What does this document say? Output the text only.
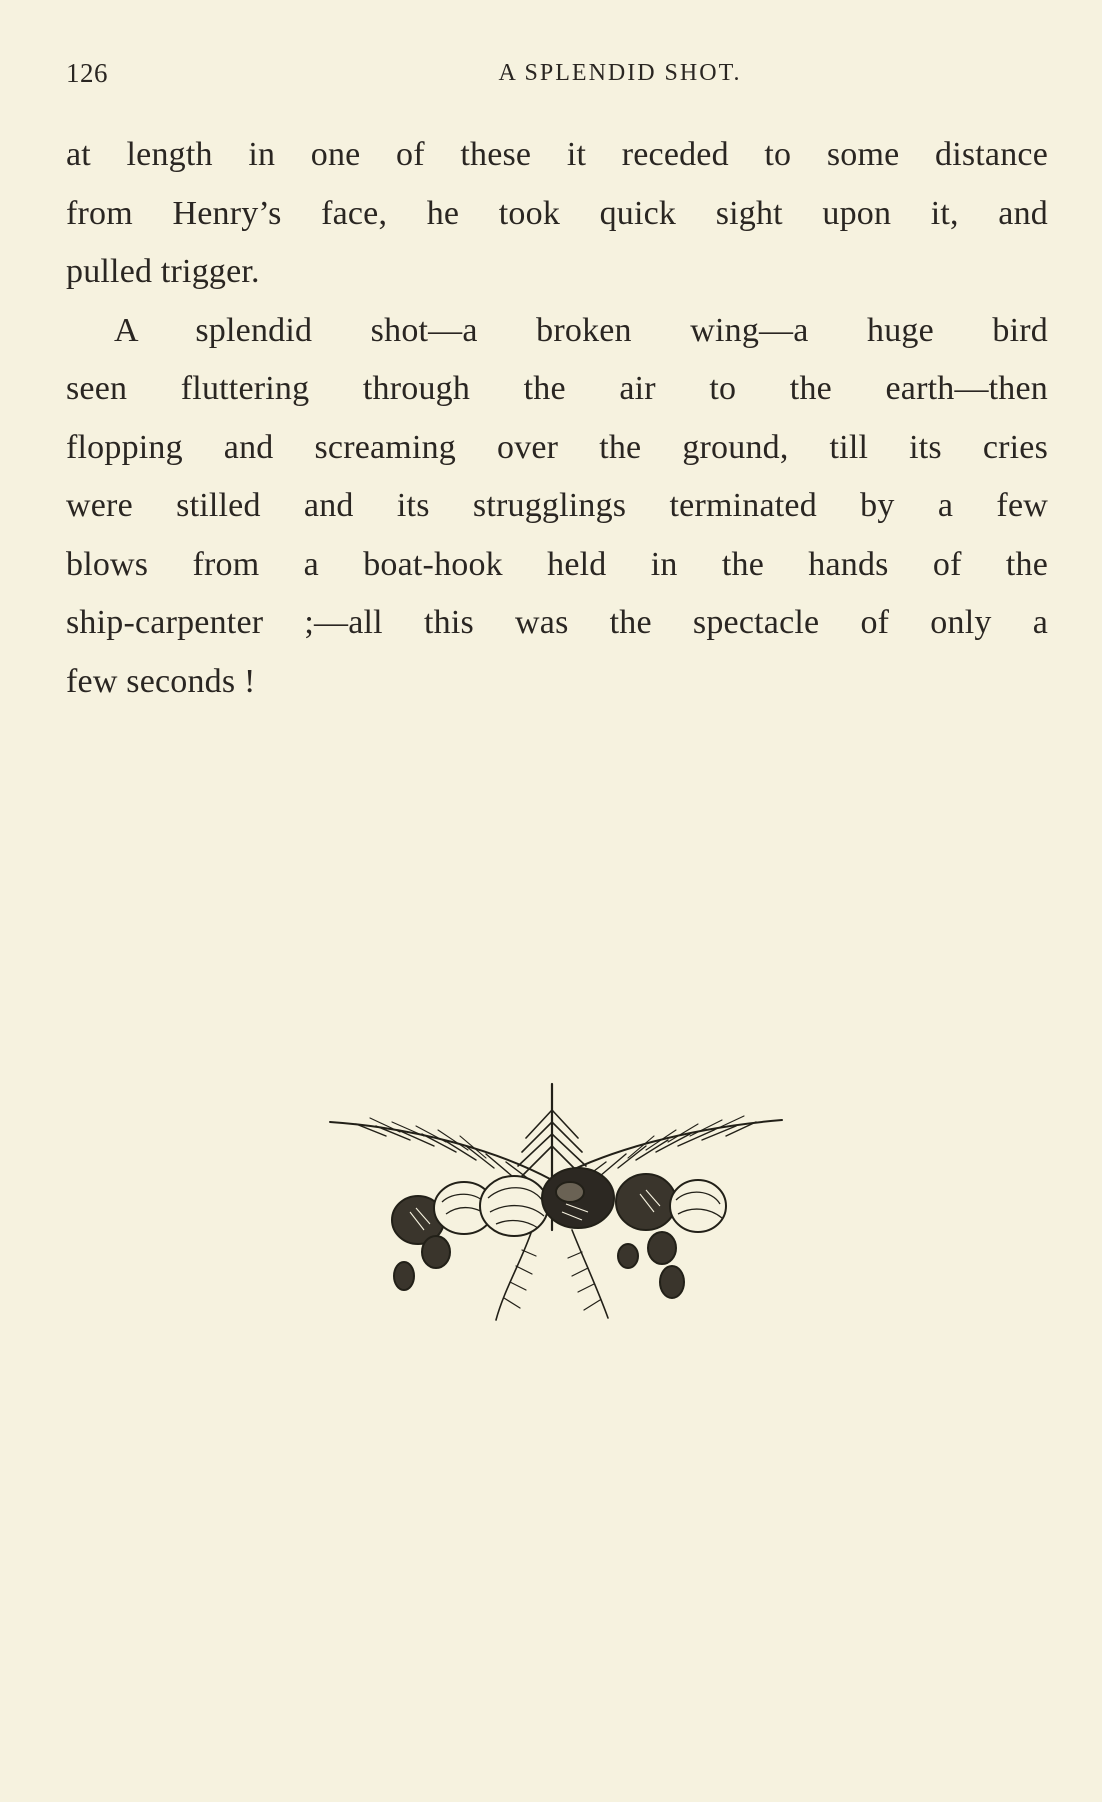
126	A SPLENDID SHOT.
at length in one of these it receded to some distance
from Henry’s face, he took quick sight upon it, and
pulled trigger.
A splendid shot—a broken wing—a huge bird
seen fluttering through the air to the earth—then
flopping and screaming over the ground, till its cries
were stilled and its strugglings terminated by a few
blows from a boat-hook held in the hands of the
ship-carpenter ;—all this was the spectacle of only a
few seconds !
